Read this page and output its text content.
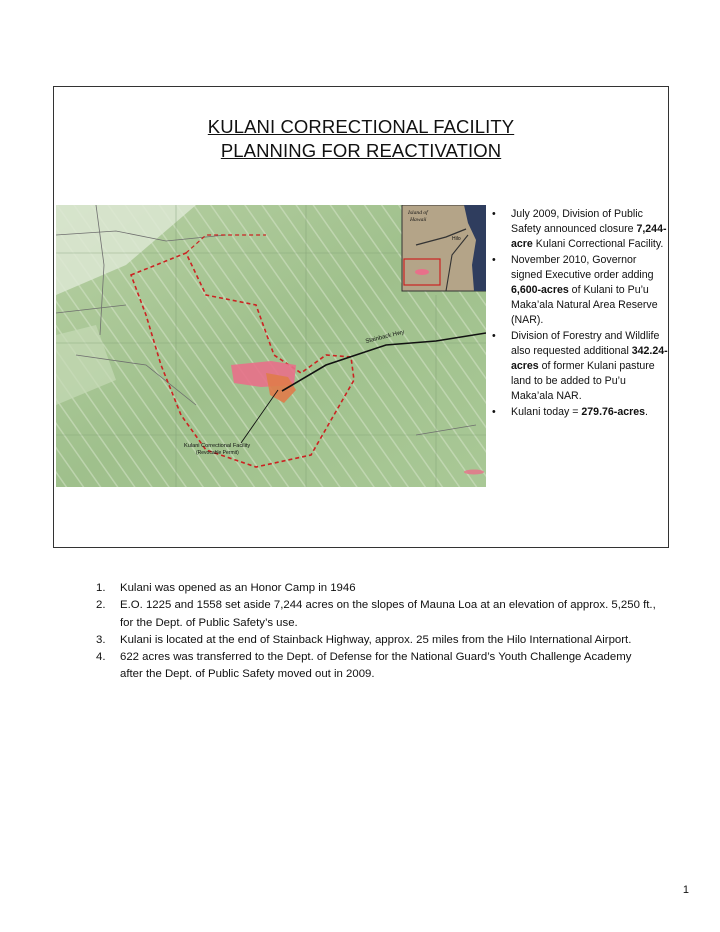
KULANI CORRECTIONAL FACILITY
PLANNING FOR REACTIVATION
Stainback Hwy
Kulani Correctional Facility
(Revocable Permit)
Island of
Hawaii
Hilo
• July 2009, Division of Public Safety announced closure 7,244-acre Kulani Correctional Facility.
• November 2010, Governor signed Executive order adding 6,600-acres of Kulani to Pu’u Maka’ala Natural Area Reserve (NAR).
• Division of Forestry and Wildlife also requested additional 342.24-acres of former Kulani pasture land to be added to Pu’u Maka’ala NAR.
• Kulani today = 279.76-acres.
1. Kulani was opened as an Honor Camp in 1946
2. E.O. 1225 and 1558 set aside 7,244 acres on the slopes of Mauna Loa at an elevation of approx. 5,250 ft., for the Dept. of Public Safety’s use.
3. Kulani is located at the end of Stainback Highway, approx. 25 miles from the Hilo International Airport.
4. 622 acres was transferred to the Dept. of Defense for the National Guard’s Youth Challenge Academy after the Dept. of Public Safety moved out in 2009.
1
